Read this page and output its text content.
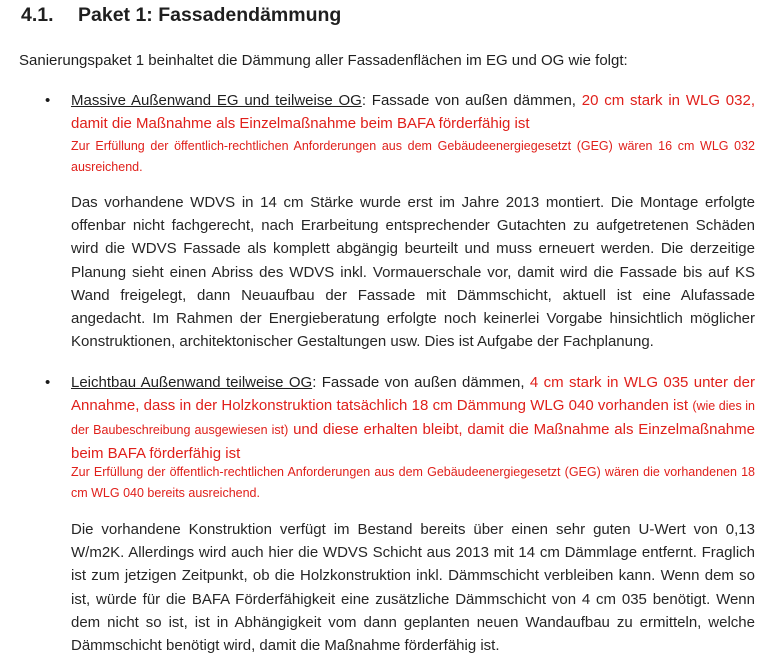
4.1. Paket 1: Fassadendämmung
Sanierungspaket 1 beinhaltet die Dämmung aller Fassadenflächen im EG und OG wie folgt:
• Massive Außenwand EG und teilweise OG: Fassade von außen dämmen, 20 cm stark in WLG 032, damit die Maßnahme als Einzelmaßnahme beim BAFA förderfähig ist
Zur Erfüllung der öffentlich-rechtlichen Anforderungen aus dem Gebäudeenergiegesetzt (GEG) wären 16 cm WLG 032 ausreichend.
Das vorhandene WDVS in 14 cm Stärke wurde erst im Jahre 2013 montiert. Die Montage erfolgte offenbar nicht fachgerecht, nach Erarbeitung entsprechender Gutachten zu aufgetretenen Schäden wird die WDVS Fassade als komplett abgängig beurteilt und muss erneuert werden. Die derzeitige Planung sieht einen Abriss des WDVS inkl. Vormauerschale vor, damit wird die Fassade bis auf KS Wand freigelegt, dann Neuaufbau der Fassade mit Dämmschicht, aktuell ist eine Alufassade angedacht. Im Rahmen der Energieberatung erfolgte noch keinerlei Vorgabe hinsichtlich möglicher Konstruktionen, architektonischer Gestaltungen usw. Dies ist Aufgabe der Fachplanung.
• Leichtbau Außenwand teilweise OG: Fassade von außen dämmen, 4 cm stark in WLG 035 unter der Annahme, dass in der Holzkonstruktion tatsächlich 18 cm Dämmung WLG 040 vorhanden ist (wie dies in der Baubeschreibung ausgewiesen ist) und diese erhalten bleibt, damit die Maßnahme als Einzelmaßnahme beim BAFA förderfähig ist
Zur Erfüllung der öffentlich-rechtlichen Anforderungen aus dem Gebäudeenergiegesetzt (GEG) wären die vorhandenen 18 cm WLG 040 bereits ausreichend.
Die vorhandene Konstruktion verfügt im Bestand bereits über einen sehr guten U-Wert von 0,13 W/m2K. Allerdings wird auch hier die WDVS Schicht aus 2013 mit 14 cm Dämmlage entfernt. Fraglich ist zum jetzigen Zeitpunkt, ob die Holzkonstruktion inkl. Dämmschicht verbleiben kann. Wenn dem so ist, würde für die BAFA Förderfähigkeit eine zusätzliche Dämmschicht von 4 cm 035 benötigt. Wenn dem nicht so ist, ist in Abhängigkeit vom dann geplanten neuen Wandaufbau zu ermitteln, welche Dämmschicht benötigt wird, damit die Maßnahme förderfähig ist.
